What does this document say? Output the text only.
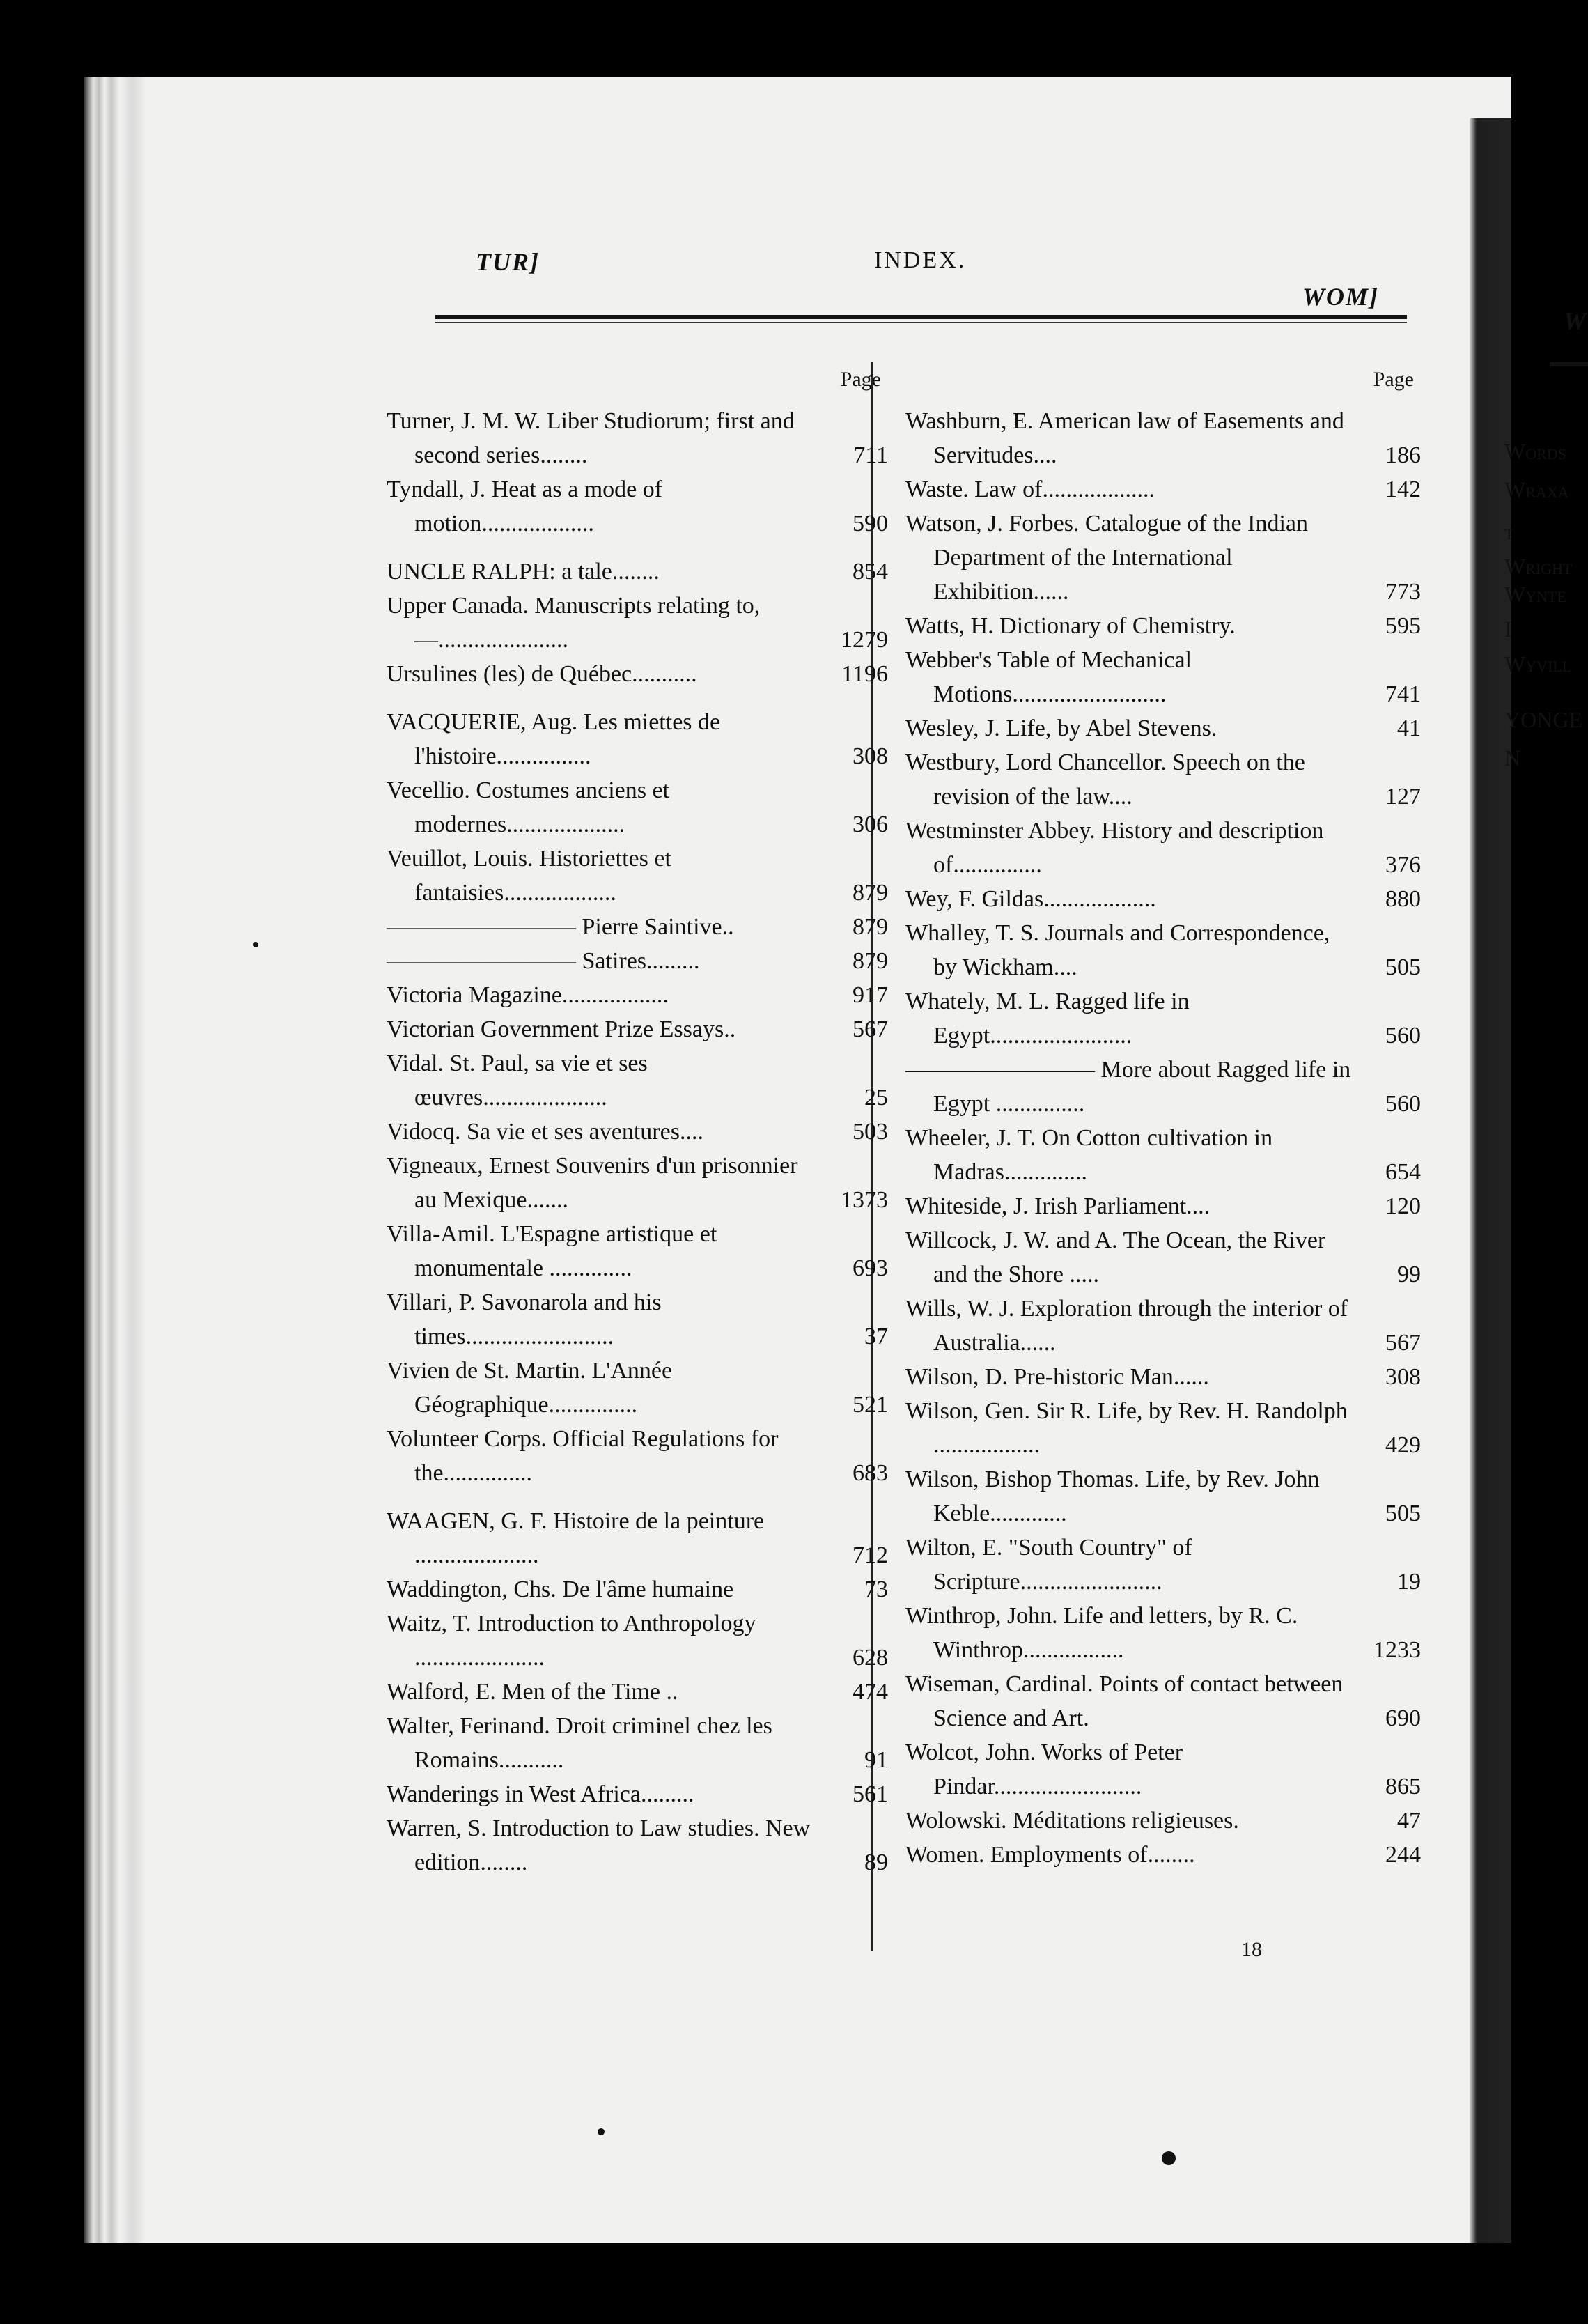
TUR]	INDEX.
WOM]
W
Page
Turner, J. M. W. Liber Studiorum; first and second series........	711
Tyndall, J. Heat as a mode of motion...................	590
UNCLE RALPH: a tale........	854
Upper Canada. Manuscripts relating to,—......................	1279
Ursulines (les) de Québec...........	1196
VACQUERIE, Aug. Les miettes de l'histoire................	308
Vecellio. Costumes anciens et modernes....................	306
Veuillot, Louis. Historiettes et fantaisies...................	879
———————— Pierre Saintive..	879
———————— Satires.........	879
Victoria Magazine..................	917
Victorian Government Prize Essays..	567
Vidal. St. Paul, sa vie et ses œuvres.....................	25
Vidocq. Sa vie et ses aventures....	503
Vigneaux, Ernest Souvenirs d'un prisonnier au Mexique.......	1373
Villa-Amil. L'Espagne artistique et monumentale ..............	693
Villari, P. Savonarola and his times.........................	37
Vivien de St. Martin. L'Année Géographique...............	521
Volunteer Corps. Official Regulations for the...............	683
WAAGEN, G. F. Histoire de la peinture .....................	712
Waddington, Chs. De l'âme humaine	73
Waitz, T. Introduction to Anthropology ......................	628
Walford, E. Men of the Time ..	474
Walter, Ferinand. Droit criminel chez les Romains...........	91
Wanderings in West Africa.........	561
Warren, S. Introduction to Law studies. New edition........	89
Page
Washburn, E. American law of Easements and Servitudes....	186
Waste. Law of...................	142
Watson, J. Forbes. Catalogue of the Indian Department of the International Exhibition......	773
Watts, H. Dictionary of Chemistry.	595
Webber's Table of Mechanical Motions..........................	741
Wesley, J. Life, by Abel Stevens.	41
Westbury, Lord Chancellor. Speech on the revision of the law....	127
Westminster Abbey. History and description of...............	376
Wey, F. Gildas...................	880
Whalley, T. S. Journals and Correspondence, by Wickham....	505
Whately, M. L. Ragged life in Egypt........................	560
———————— More about Ragged life in Egypt ...............	560
Wheeler, J. T. On Cotton cultivation in Madras..............	654
Whiteside, J. Irish Parliament....	120
Willcock, J. W. and A. The Ocean, the River and the Shore .....	99
Wills, W. J. Exploration through the interior of Australia......	567
Wilson, D. Pre-historic Man......	308
Wilson, Gen. Sir R. Life, by Rev. H. Randolph ..................	429
Wilson, Bishop Thomas. Life, by Rev. John Keble.............	505
Wilton, E. "South Country" of Scripture........................	19
Winthrop, John. Life and letters, by R. C. Winthrop.................	1233
Wiseman, Cardinal. Points of contact between Science and Art.	690
Wolcot, John. Works of Peter Pindar.........................	865
Wolowski. Méditations religieuses.	47
Women. Employments of........	244
Words
Wraxa
t
Wright
Wynte
I
Wyvill
YONGE
N
18
